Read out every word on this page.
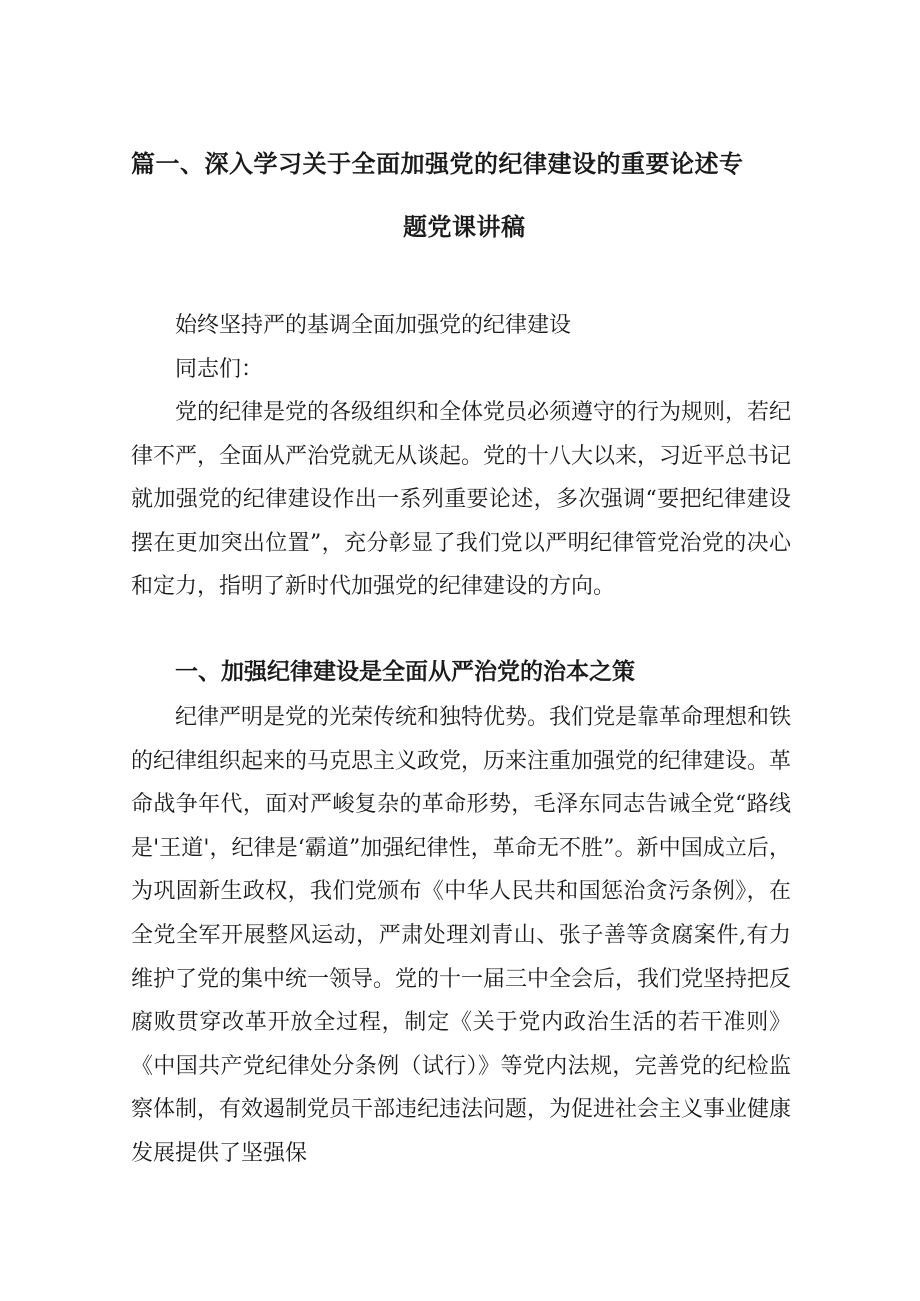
篇一、深入学习关于全面加强党的纪律建设的重要论述专
题党课讲稿
始终坚持严的基调全面加强党的纪律建设
同志们：
党的纪律是党的各级组织和全体党员必须遵守的行为规则，若纪律不严，全面从严治党就无从谈起。党的十八大以来，习近平总书记就加强党的纪律建设作出一系列重要论述，多次强调“要把纪律建设摆在更加突出位置”，充分彰显了我们党以严明纪律管党治党的决心和定力，指明了新时代加强党的纪律建设的方向。
一、加强纪律建设是全面从严治党的治本之策
纪律严明是党的光荣传统和独特优势。我们党是靠革命理想和铁的纪律组织起来的马克思主义政党，历来注重加强党的纪律建设。革命战争年代，面对严峻复杂的革命形势，毛泽东同志告诫全党“路线是'王道'，纪律是‘霸道”加强纪律性，革命无不胜”。新中国成立后，为巩固新生政权，我们党颁布《中华人民共和国惩治贪污条例》，在全党全军开展整风运动，严肃处理刘青山、张子善等贪腐案件,有力维护了党的集中统一领导。党的十一届三中全会后，我们党坚持把反腐败贯穿改革开放全过程，制定《关于党内政治生活的若干准则》《中国共产党纪律处分条例（试行）》等党内法规，完善党的纪检监察体制，有效遏制党员干部违纪违法问题，为促进社会主义事业健康发展提供了坚强保
